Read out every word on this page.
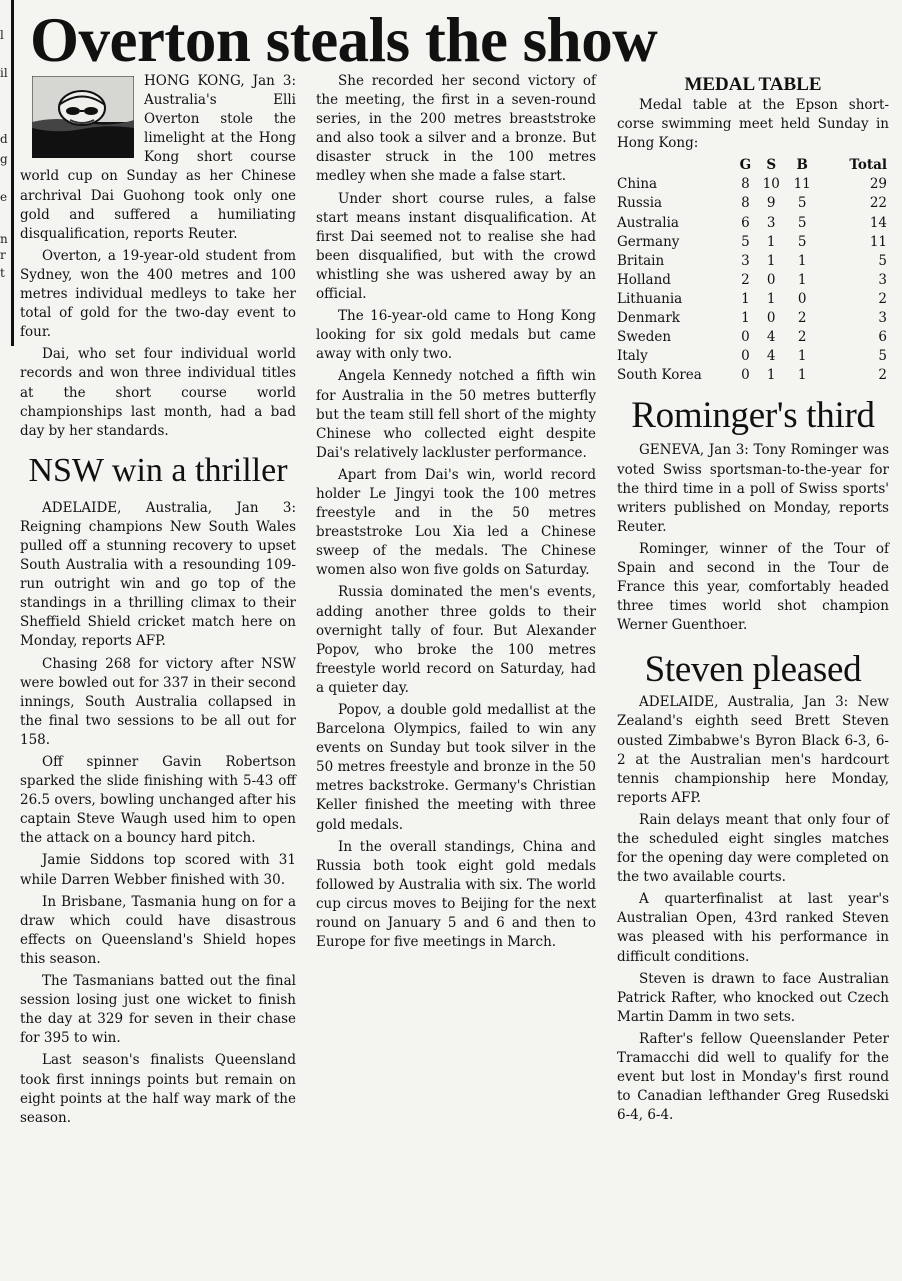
l
il
d
g
e
n
r
t
Overton steals the show

HONG KONG, Jan 3: Australia's Elli Overton stole the limelight at the Hong Kong short course world cup on Sunday as her Chinese archrival Dai Guohong took only one gold and suffered a humiliating disqualification, reports Reuter.

Overton, a 19-year-old student from Sydney, won the 400 metres and 100 metres individual medleys to take her total of gold for the two-day event to four.

Dai, who set four individual world records and won three individual titles at the short course world championships last month, had a bad day by her standards.

NSW win a thriller

ADELAIDE, Australia, Jan 3: Reigning champions New South Wales pulled off a stunning recovery to upset South Australia with a resounding 109- run outright win and go top of the standings in a thrilling climax to their Sheffield Shield cricket match here on Monday, reports AFP.

Chasing 268 for victory after NSW were bowled out for 337 in their second innings, South Australia collapsed in the final two sessions to be all out for 158.

Off spinner Gavin Robertson sparked the slide finishing with 5-43 off 26.5 overs, bowling unchanged after his captain Steve Waugh used him to open the attack on a bouncy hard pitch.

Jamie Siddons top scored with 31 while Darren Webber finished with 30.

In Brisbane, Tasmania hung on for a draw which could have disastrous effects on Queensland's Shield hopes this season.

The Tasmanians batted out the final session losing just one wicket to finish the day at 329 for seven in their chase for 395 to win.

Last season's finalists Queensland took first innings points but remain on eight points at the half way mark of the season.

She recorded her second victory of the meeting, the first in a seven-round series, in the 200 metres breaststroke and also took a silver and a bronze. But disaster struck in the 100 metres medley when she made a false start.

Under short course rules, a false start means instant disqualification. At first Dai seemed not to realise she had been disqualified, but with the crowd whistling she was ushered away by an official.

The 16-year-old came to Hong Kong looking for six gold medals but came away with only two.

Angela Kennedy notched a fifth win for Australia in the 50 metres butterfly but the team still fell short of the mighty Chinese who collected eight despite Dai's relatively lackluster performance.

Apart from Dai's win, world record holder Le Jingyi took the 100 metres freestyle and in the 50 metres breaststroke Lou Xia led a Chinese sweep of the medals. The Chinese women also won five golds on Saturday.

Russia dominated the men's events, adding another three golds to their overnight tally of four. But Alexander Popov, who broke the 100 metres freestyle world record on Saturday, had a quieter day.

Popov, a double gold medallist at the Barcelona Olympics, failed to win any events on Sunday but took silver in the 50 metres freestyle and bronze in the 50 metres backstroke. Germany's Christian Keller finished the meeting with three gold medals.

In the overall standings, China and Russia both took eight gold medals followed by Australia with six. The world cup circus moves to Beijing for the next round on January 5 and 6 and then to Europe for five meetings in March.

MEDAL TABLE

Medal table at the Epson short-corse swimming meet held Sunday in Hong Kong:

	G	S	B	Total
China	8	10	11	29
Russia	8	9	5	22
Australia	6	3	5	14
Germany	5	1	5	11
Britain	3	1	1	5
Holland	2	0	1	3
Lithuania	1	1	0	2
Denmark	1	0	2	3
Sweden	0	4	2	6
Italy	0	4	1	5
South Korea	0	1	1	2
Rominger's third

GENEVA, Jan 3: Tony Rominger was voted Swiss sportsman-to-the-year for the third time in a poll of Swiss sports' writers published on Monday, reports Reuter.

Rominger, winner of the Tour of Spain and second in the Tour de France this year, comfortably headed three times world shot champion Werner Guenthoer.

Steven pleased

ADELAIDE, Australia, Jan 3: New Zealand's eighth seed Brett Steven ousted Zimbabwe's Byron Black 6-3, 6-2 at the Australian men's hardcourt tennis championship here Monday, reports AFP.

Rain delays meant that only four of the scheduled eight singles matches for the opening day were completed on the two available courts.

A quarterfinalist at last year's Australian Open, 43rd ranked Steven was pleased with his performance in difficult conditions.

Steven is drawn to face Australian Patrick Rafter, who knocked out Czech Martin Damm in two sets.

Rafter's fellow Queenslander Peter Tramacchi did well to qualify for the event but lost in Monday's first round to Canadian lefthander Greg Rusedski 6-4, 6-4.
